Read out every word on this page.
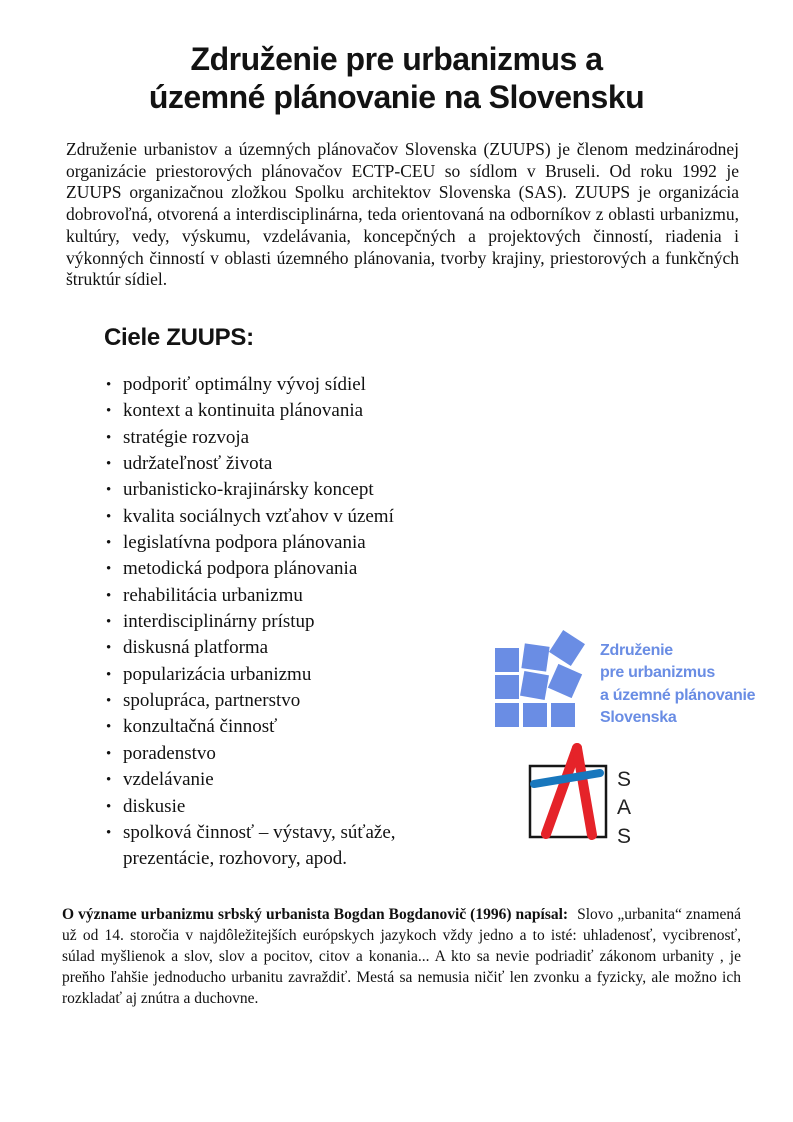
Združenie pre urbanizmus a
územné plánovanie na Slovensku

Združenie urbanistov a územných plánovačov Slovenska (ZUUPS) je členom medzinárodnej organizácie priestorových plánovačov ECTP-CEU so sídlom v Bruseli. Od roku 1992 je ZUUPS organizačnou zložkou Spolku architektov Slovenska (SAS). ZUUPS je organizácia dobrovoľná, otvorená a interdisciplinárna, teda orientovaná na odborníkov z oblasti urbanizmu, kultúry, vedy, výskumu, vzdelávania, koncepčných a projektových činností, riadenia i výkonných činností v oblasti územného plánovania, tvorby krajiny, priestorových a funkčných štruktúr sídiel.

Ciele ZUUPS:
• podporiť optimálny vývoj sídiel
• kontext a kontinuita plánovania
• stratégie rozvoja
• udržateľnosť života
• urbanisticko-krajinársky koncept
• kvalita sociálnych vzťahov v území
• legislatívna podpora plánovania
• metodická podpora plánovania
• rehabilitácia urbanizmu
• interdisciplinárny prístup
• diskusná platforma
• popularizácia urbanizmu
• spolupráca, partnerstvo
• konzultačná činnosť
• poradenstvo
• vzdelávanie
• diskusie
• spolková činnosť – výstavy, súťaže, prezentácie, rozhovory, apod.
Združenie
pre urbanizmus
a územné plánovanie
Slovenska
S
A
S

O význame urbanizmu srbský urbanista Bogdan Bogdanovič (1996) napísal: Slovo „urbanita“ znamená už od 14. storočia v najdôležitejších európskych jazykoch vždy jedno a to isté: uhladenosť, vycibrenosť, súlad myšlienok a slov, slov a pocitov, citov a konania... A kto sa nevie podriadiť zákonom urbanity , je preňho ľahšie jednoducho urbanitu zavraždiť. Mestá sa nemusia ničiť len zvonku a fyzicky, ale možno ich rozkladať aj znútra a duchovne.
